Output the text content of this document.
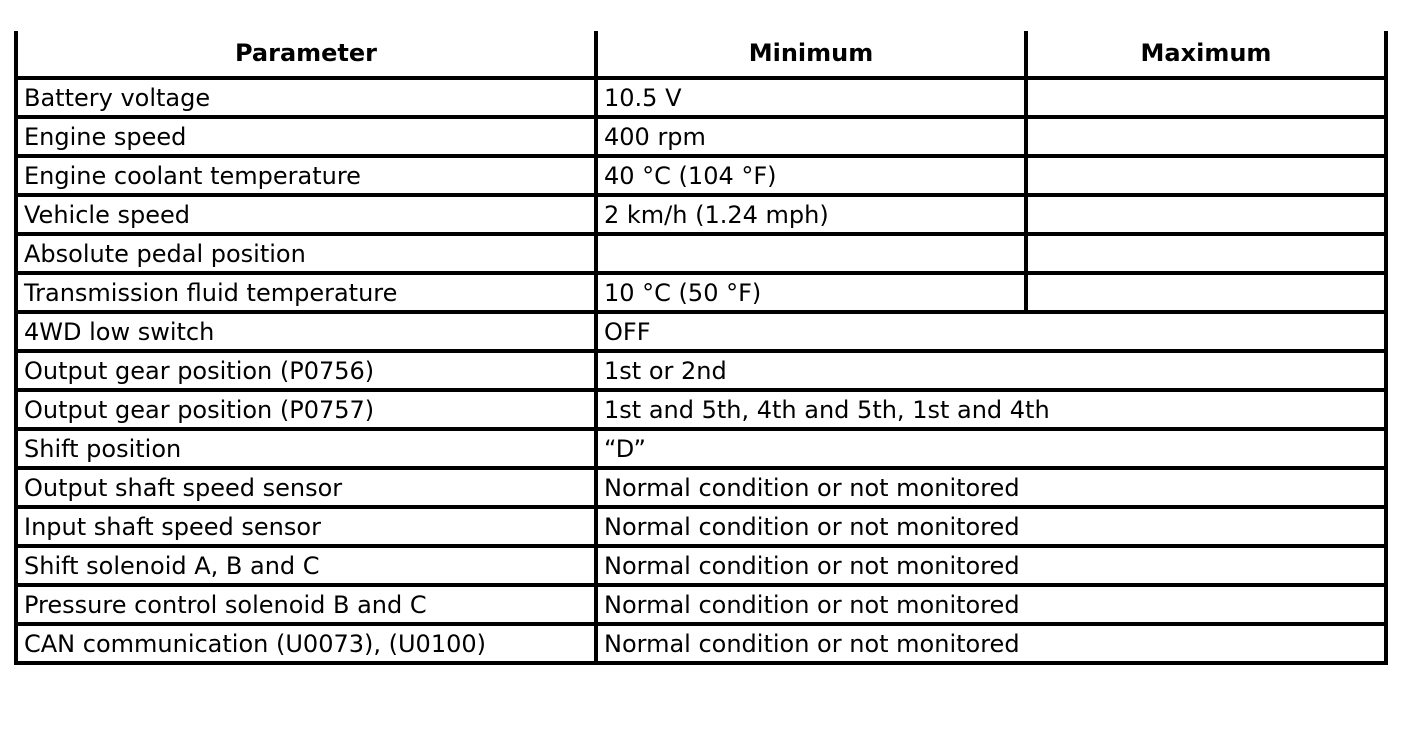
Parameter	Minimum	Maximum
Battery voltage	10.5 V	
Engine speed	400 rpm	
Engine coolant temperature	40 °C (104 °F)	
Vehicle speed	2 km/h (1.24 mph)	
Absolute pedal position		
Transmission fluid temperature	10 °C (50 °F)	
4WD low switch	OFF	
Output gear position (P0756)	1st or 2nd	
Output gear position (P0757)	1st and 5th, 4th and 5th, 1st and 4th	
Shift position	“D”	
Output shaft speed sensor	Normal condition or not monitored	
Input shaft speed sensor	Normal condition or not monitored	
Shift solenoid A, B and C	Normal condition or not monitored	
Pressure control solenoid B and C	Normal condition or not monitored	
CAN communication (U0073), (U0100)	Normal condition or not monitored	
